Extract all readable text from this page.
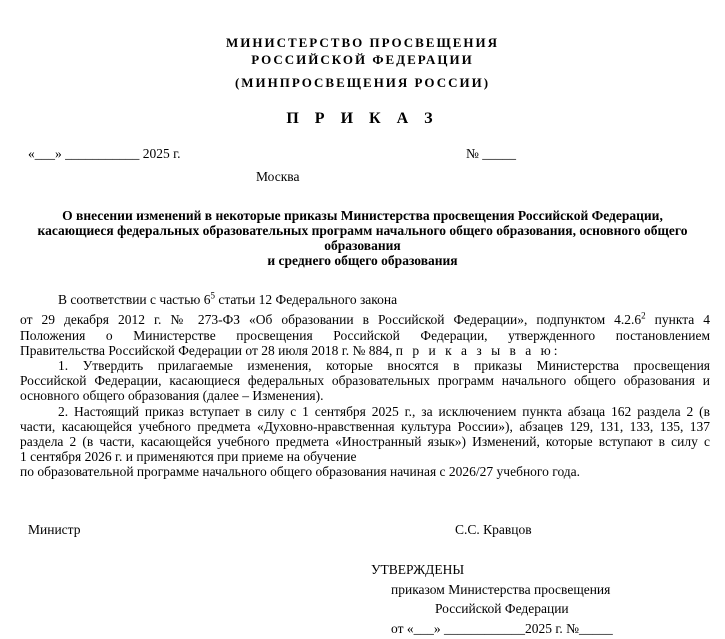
МИНИСТЕРСТВО ПРОСВЕЩЕНИЯ
РОССИЙСКОЙ ФЕДЕРАЦИИ
(МИНПРОСВЕЩЕНИЯ РОССИИ)
П Р И К А З
«___» ___________ 2025 г.	№ _____
Москва
О внесении изменений в некоторые приказы Министерства просвещения Российской Федерации,
касающиеся федеральных образовательных программ начального общего образования, основного общего
образования
и среднего общего образования
В соответствии с частью $6^5$ статьи 12 Федерального закона
от 29 декабря 2012 г. № 273-ФЗ «Об образовании в Российской Федерации», подпунктом 4.2.6$^2$ пункта 4
Положения о Министерстве просвещения Российской Федерации, утвержденного постановлением
Правительства Российской Федерации от 28 июля 2018 г. № 884, п р и к а з ы в а ю:
1. Утвердить прилагаемые изменения, которые вносятся в приказы Министерства просвещения
Российской Федерации, касающиеся федеральных образовательных программ начального общего образования и
основного общего образования (далее – Изменения).
2. Настоящий приказ вступает в силу с 1 сентября 2025 г., за исключением пункта абзаца 162 раздела 2 (в
части, касающейся учебного предмета «Духовно-нравственная культура России»), абзацев 129, 131, 133, 135, 137
раздела 2 (в части, касающейся учебного предмета «Иностранный язык») Изменений, которые вступают в силу с
1 сентября 2026 г. и применяются при приеме на обучение
по образовательной программе начального общего образования начиная с 2026/27 учебного года.
Министр	С.С. Кравцов
УТВЕРЖДЕНЫ
приказом Министерства просвещения
Российской Федерации
от «___» ____________2025 г. №_____
